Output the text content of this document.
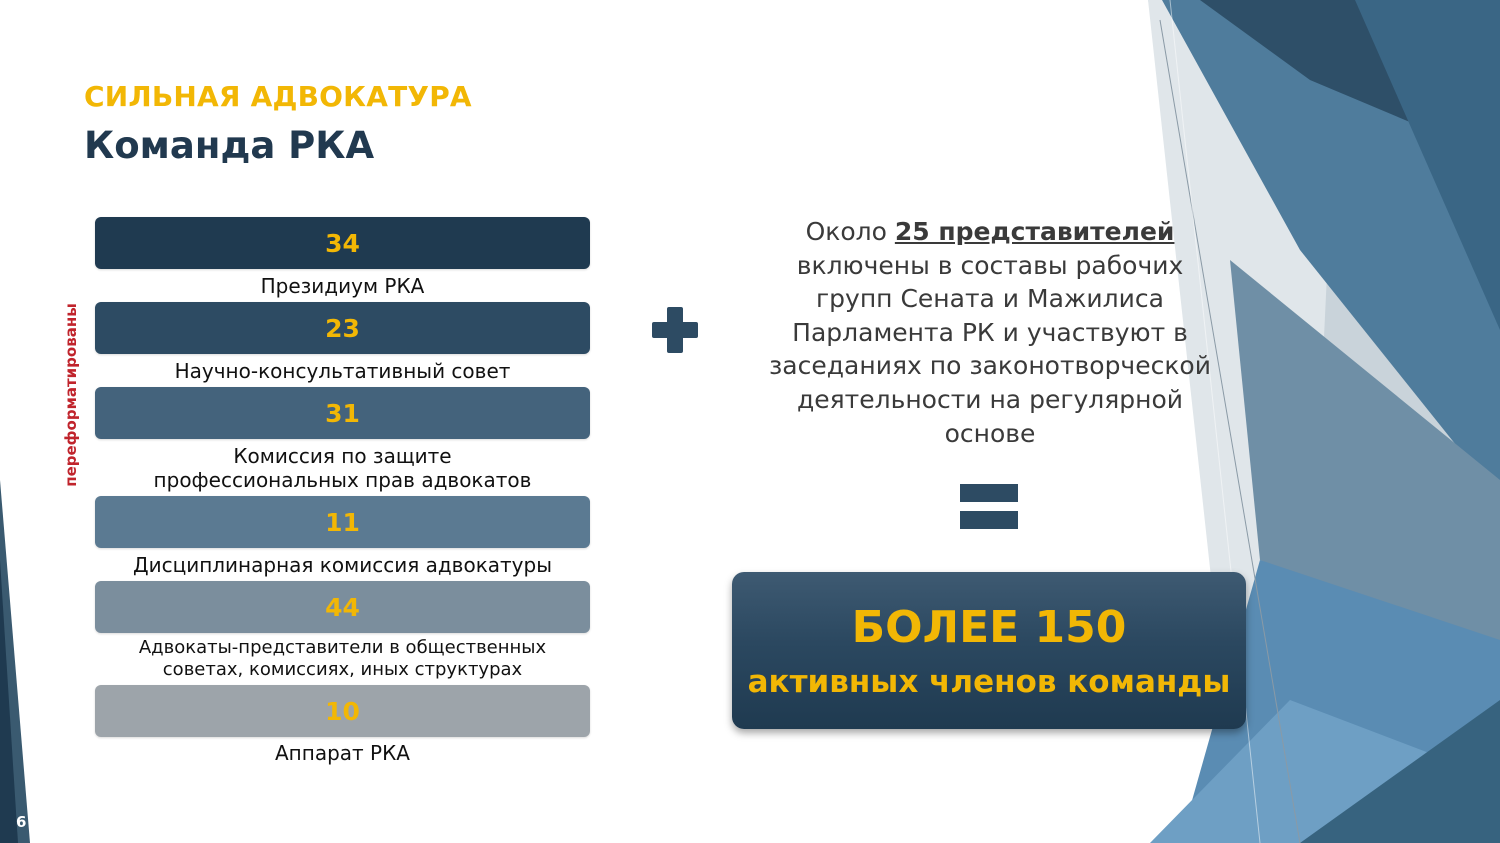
СИЛЬНАЯ АДВОКАТУРА
Команда РКА
переформатированы
34
Президиум РКА
23
Научно-консультативный совет
31
Комиссия по защите
профессиональных прав адвокатов
11
Дисциплинарная комиссия адвокатуры
44
Адвокаты-представители в общественных
советах, комиссиях, иных структурах
10
Аппарат РКА
Около 25 представителей включены в составы рабочих групп Сената и Мажилиса Парламента РК и участвуют в заседаниях по законотворческой деятельности на регулярной основе
БОЛЕЕ 150
активных членов команды
6
